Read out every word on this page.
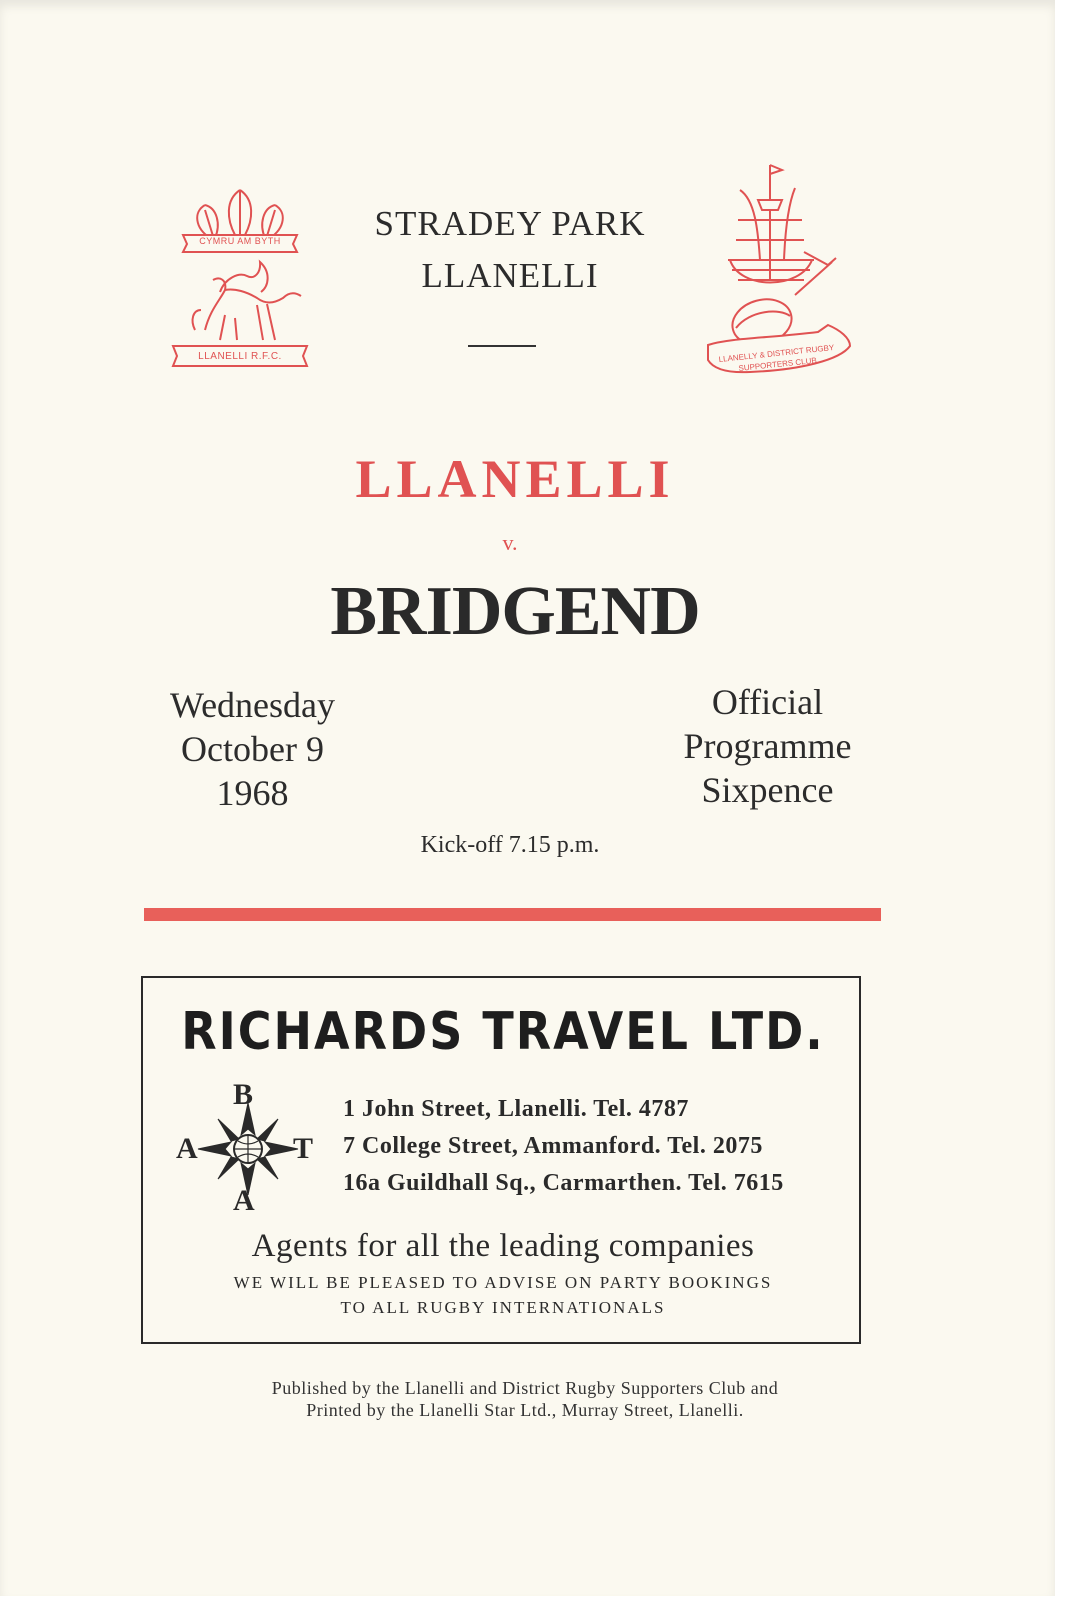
CYMRU AM BYTH
LLANELLI R.F.C.
STRADEY PARK
LLANELLI
LLANELLY & DISTRICT RUGBY SUPPORTERS CLUB
LLANELLI
v.
BRIDGEND
Wednesday
October 9
1968
Official
Programme
Sixpence
Kick-off 7.15 p.m.
RICHARDS TRAVEL LTD.
B
A	T
A
1 John Street, Llanelli. Tel. 4787
7 College Street, Ammanford. Tel. 2075
16a Guildhall Sq., Carmarthen. Tel. 7615
Agents for all the leading companies
WE WILL BE PLEASED TO ADVISE ON PARTY BOOKINGS
TO ALL RUGBY INTERNATIONALS
Published by the Llanelli and District Rugby Supporters Club and
Printed by the Llanelli Star Ltd., Murray Street, Llanelli.
